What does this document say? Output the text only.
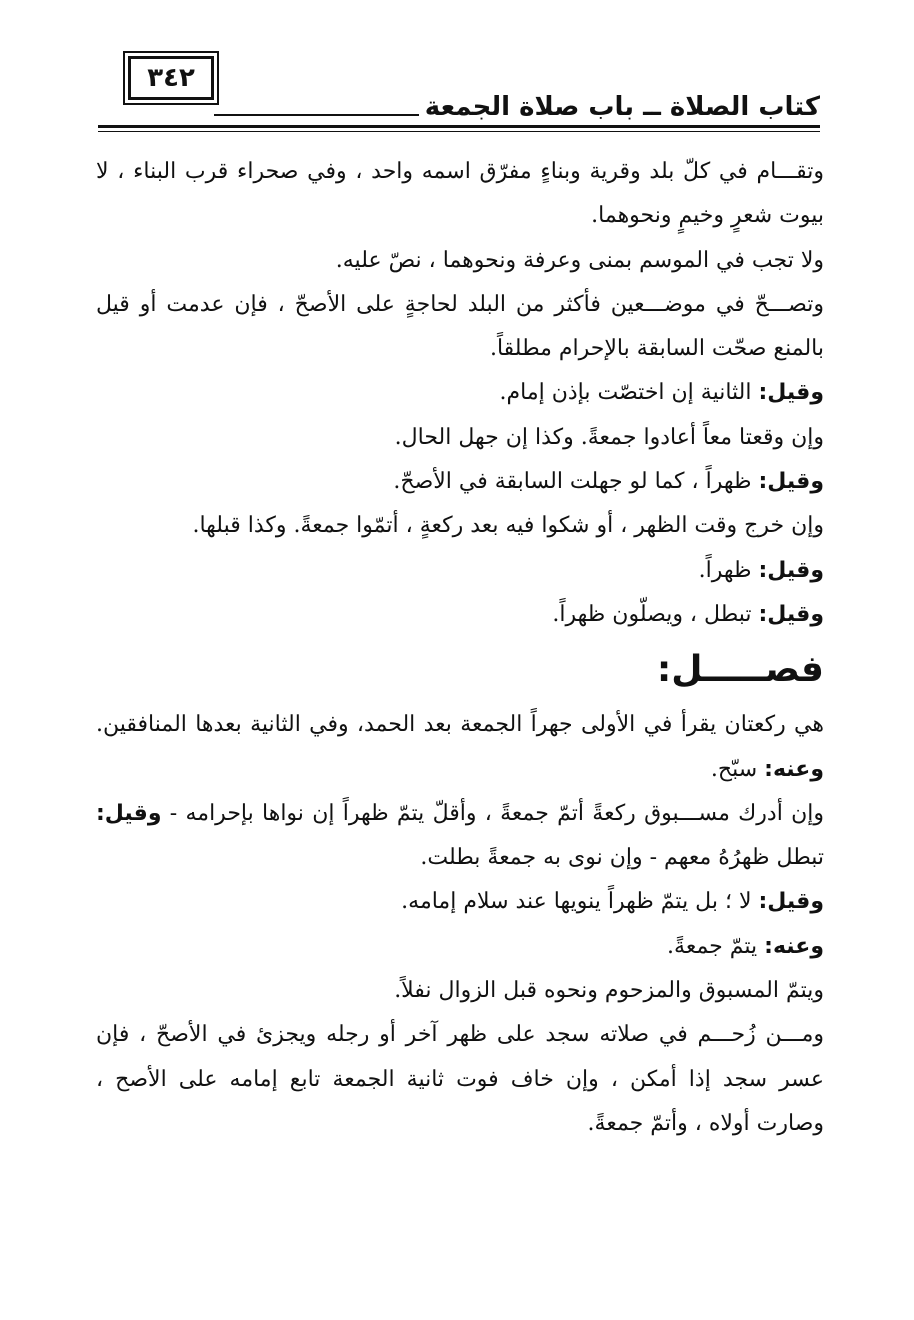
٣٤٢
كتاب الصلاة ــ باب صلاة الجمعة
وتقـــام في كلّ بلد وقرية وبناءٍ مفرّق اسمه واحد ، وفي صحراء قرب البناء ، لا
بيوت شعرٍ وخيمٍ ونحوهما.
ولا تجب في الموسم بمنى وعرفة ونحوهما ، نصّ عليه.
وتصـــحّ في موضـــعين فأكثر من البلد لحاجةٍ على الأصحّ ، فإن عدمت أو قيل
بالمنع صحّت السابقة بالإحرام مطلقاً.
وقيل: الثانية إن اختصّت بإذن إمام.
وإن وقعتا معاً أعادوا جمعةً. وكذا إن جهل الحال.
وقيل: ظهراً ، كما لو جهلت السابقة في الأصحّ.
وإن خرج وقت الظهر ، أو شكوا فيه بعد ركعةٍ ، أتمّوا جمعةً. وكذا قبلها.
وقيل: ظهراً.
وقيل: تبطل ، ويصلّون ظهراً.
فصـــــل:
هي ركعتان يقرأ في الأولى جهراً الجمعة بعد الحمد، وفي الثانية بعدها المنافقين.
وعنه: سبّح.
وإن أدرك مســـبوق ركعةً أتمّ جمعةً ، وأقلّ يتمّ ظهراً إن نواها بإحرامه - وقيل:
تبطل ظهرُهُ معهم - وإن نوى به جمعةً بطلت.
وقيل: لا ؛ بل يتمّ ظهراً ينويها عند سلام إمامه.
وعنه: يتمّ جمعةً.
ويتمّ المسبوق والمزحوم ونحوه قبل الزوال نفلاً.
ومـــن زُحـــم في صلاته سجد على ظهر آخر أو رجله ويجزئ في الأصحّ ، فإن
عسر سجد إذا أمكن ، وإن خاف فوت ثانية الجمعة تابع إمامه على الأصح ،
وصارت أولاه ، وأتمّ جمعةً.
